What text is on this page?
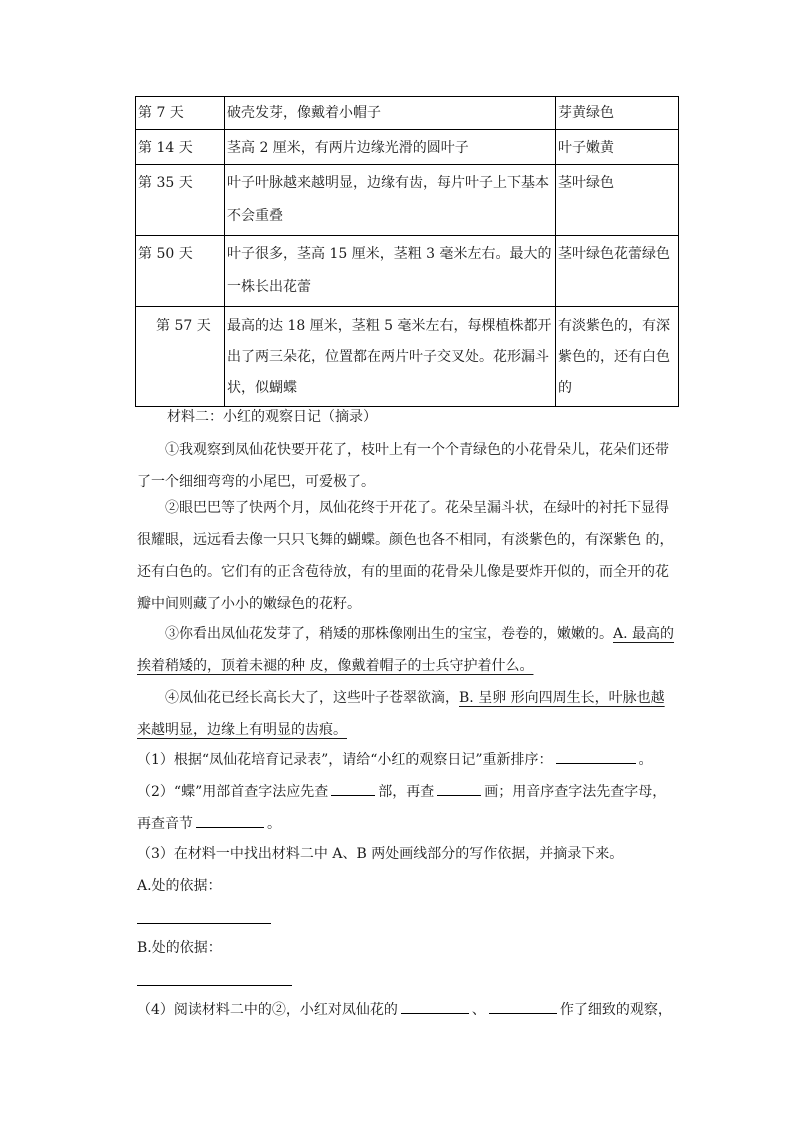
第 7 天	破壳发芽，像戴着小帽子	芽黄绿色
第 14 天	茎高 2 厘米，有两片边缘光滑的圆叶子	叶子嫩黄
第 35 天	叶子叶脉越来越明显，边缘有齿，每片叶子上下基本不会重叠	茎叶绿色
第 50 天	叶子很多，茎高 15 厘米，茎粗 3 毫米左右。最大的一株长出花蕾	茎叶绿色花蕾绿色
第 57 天	最高的达 18 厘米，茎粗 5 毫米左右，每棵植株都开出了两三朵花，位置都在两片叶子交叉处。花形漏斗状，似蝴蝶	有淡紫色的，有深紫色的，还有白色的
材料二：小红的观察日记（摘录）
①我观察到凤仙花快要开花了，枝叶上有一个个青绿色的小花骨朵儿，花朵们还带了一个细细弯弯的小尾巴，可爱极了。
②眼巴巴等了快两个月，凤仙花终于开花了。花朵呈漏斗状，在绿叶的衬托下显得很耀眼，远远看去像一只只飞舞的蝴蝶。颜色也各不相同，有淡紫色的，有深紫色 的，还有白色的。它们有的正含苞待放，有的里面的花骨朵儿像是要炸开似的，而全开的花瓣中间则藏了小小的嫩绿色的花籽。
③你看出凤仙花发芽了，稍矮的那株像刚出生的宝宝，卷卷的，嫩嫩的。A. 最高的挨着稍矮的，顶着未褪的种 皮，像戴着帽子的士兵守护着什么。
④凤仙花已经长高长大了，这些叶子苍翠欲滴，B. 呈卵 形向四周生长，叶脉也越来越明显，边缘上有明显的齿痕。
（1）根据“凤仙花培育记录表”，请给“小红的观察日记”重新排序：	。
（2）“蝶”用部首查字法应先查	部，再查	画；用音序查字法先查字母，再查音节	。
（3）在材料一中找出材料二中 A、B 两处画线部分的写作依据，并摘录下来。
A.处的依据：
B.处的依据：
（4）阅读材料二中的②，小红对凤仙花的	、	作了细致的观察，
